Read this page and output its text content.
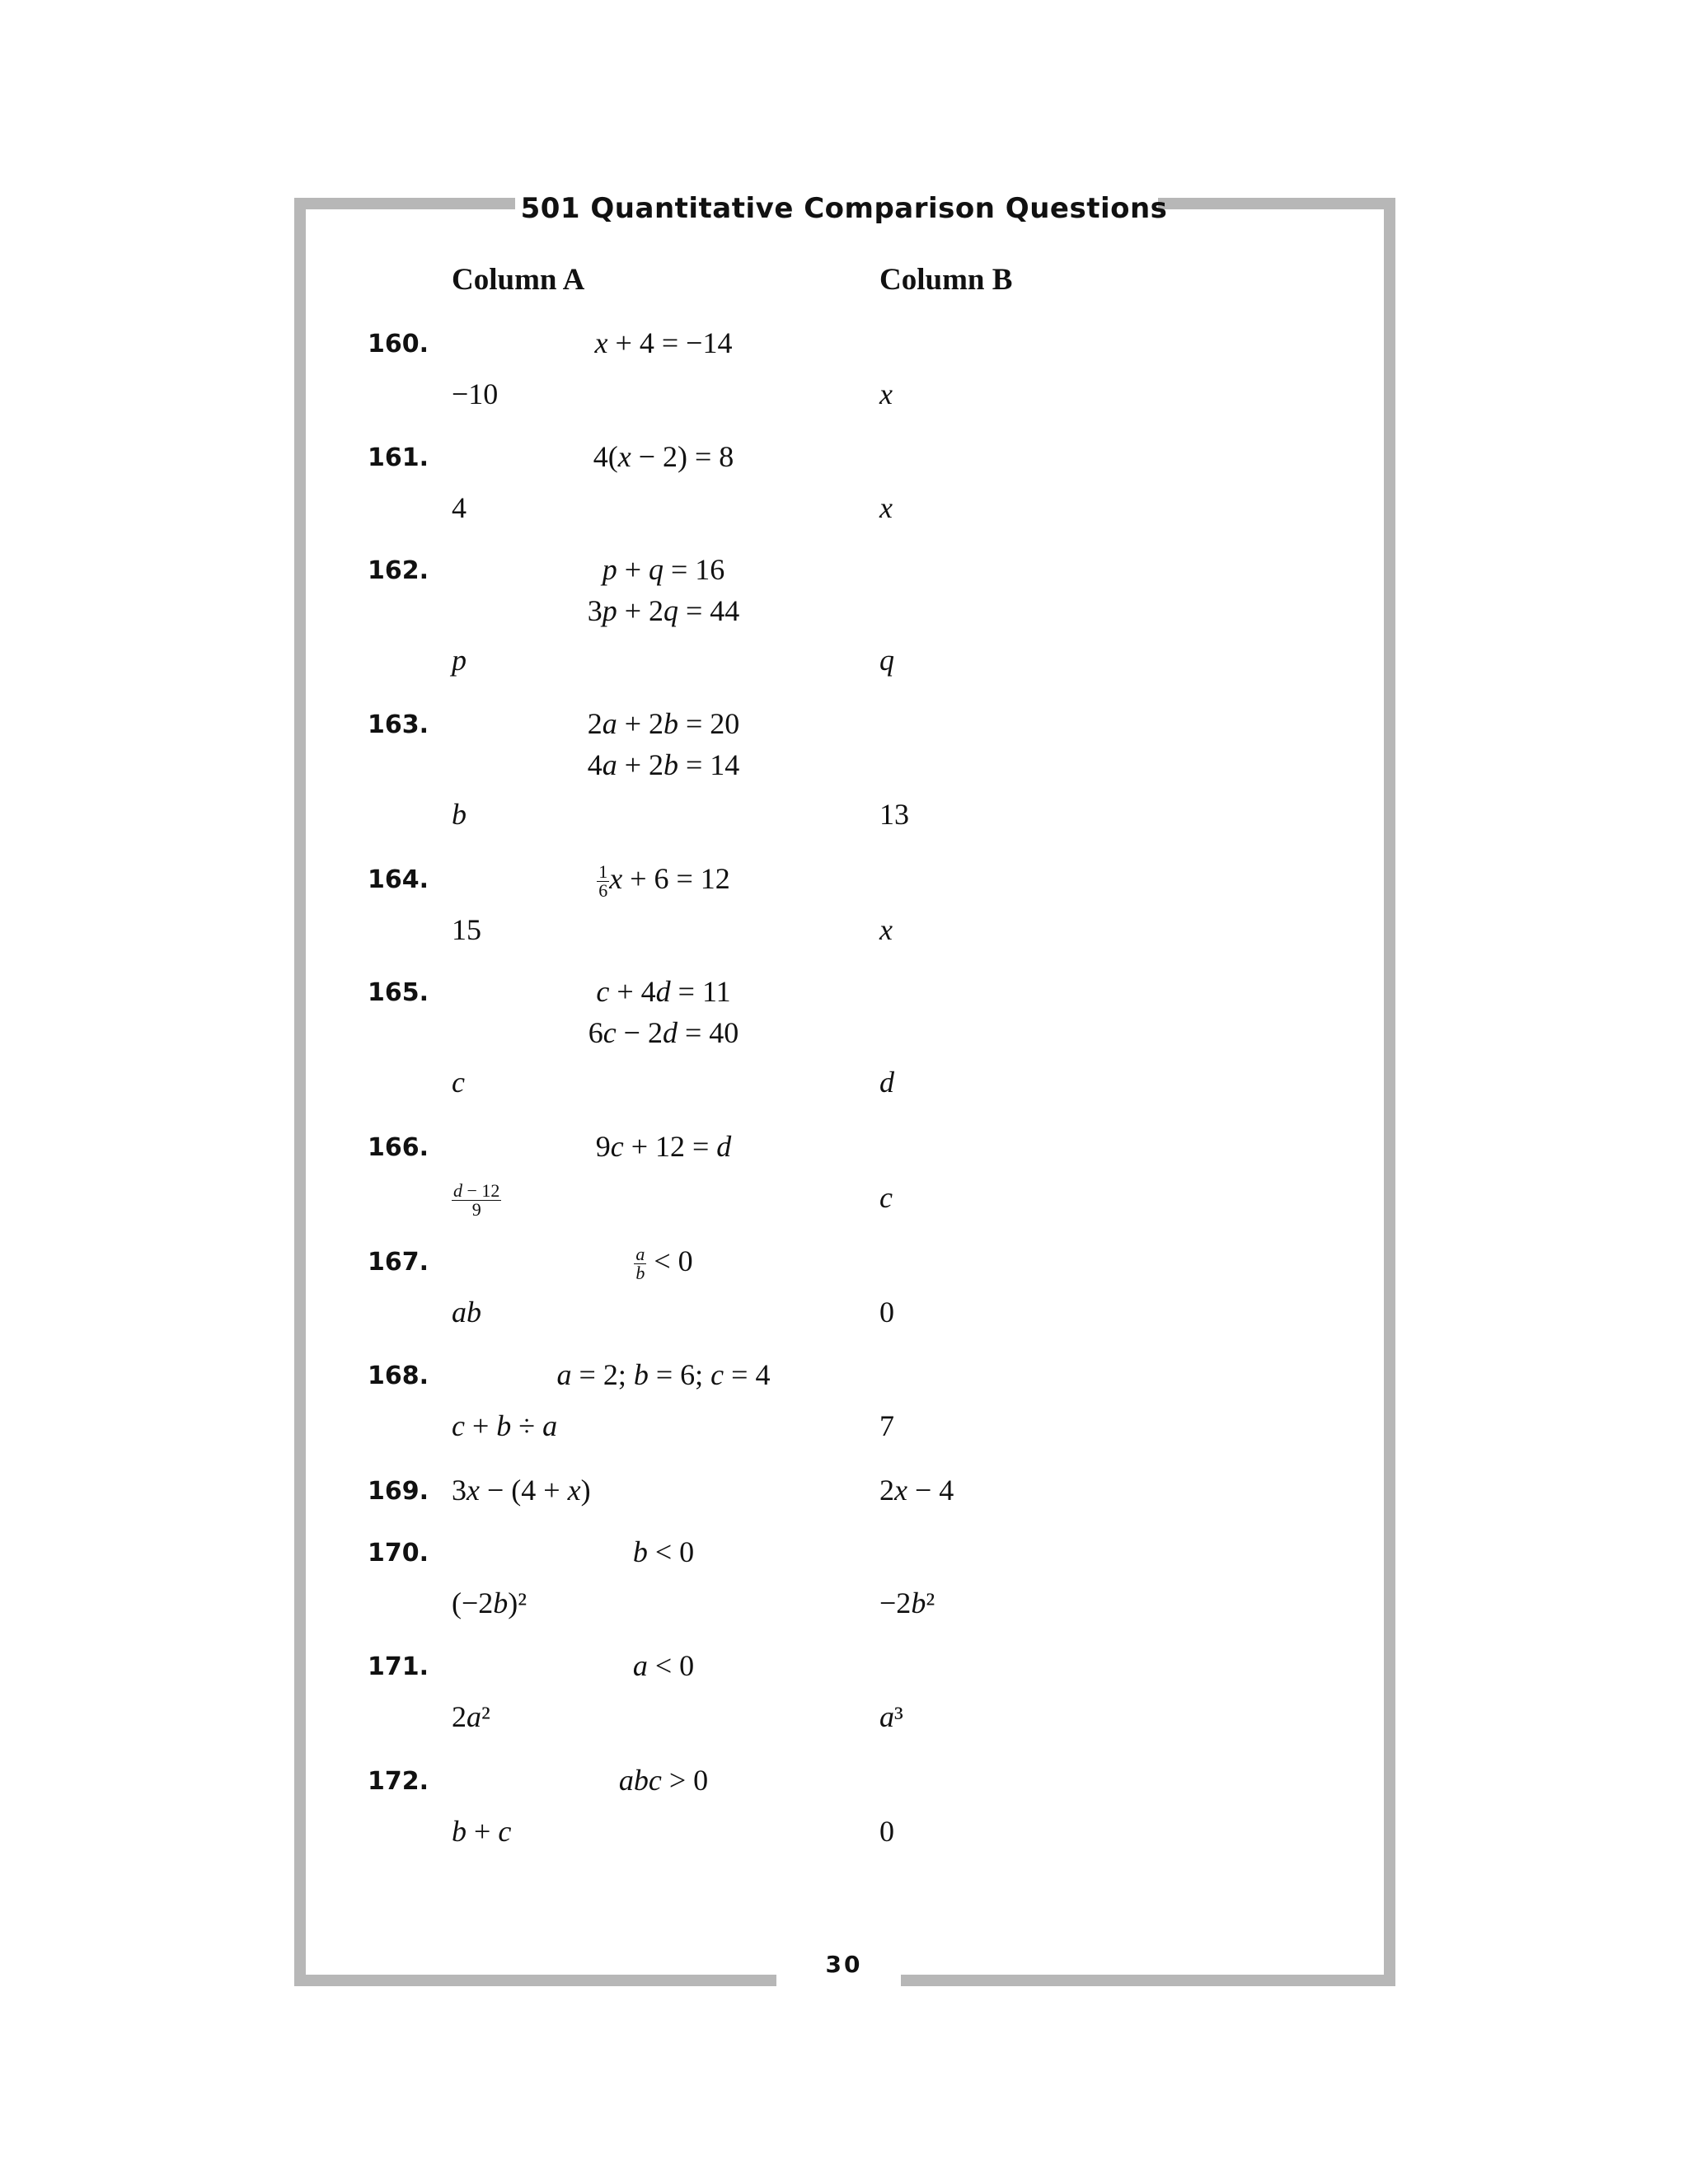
501 Quantitative Comparison Questions
Column A	Column B
160.	x + 4 = −14
−10	x
161.	4(x − 2) = 8
4	x
162.	p + q = 16
3p + 2q = 44
p	q
163.	2a + 2b = 20
4a + 2b = 14
b	13
164.	$\frac{1}{6}$ x + 6 = 12
15	x
165.	c + 4d = 11
6c − 2d = 40
c	d
166.	9c + 12 = d
$\frac{d - 12}{9}$	c
167.	$\frac{a}{b} < 0$
ab	0
168.	a = 2; b = 6; c = 4
c + b ÷ a	7
169. 3x − (4 + x)	2x − 4
170.	b < 0
(−2b)²	−2b²
171.	a < 0
2a²	a³
172.	abc > 0
b + c	0
30
